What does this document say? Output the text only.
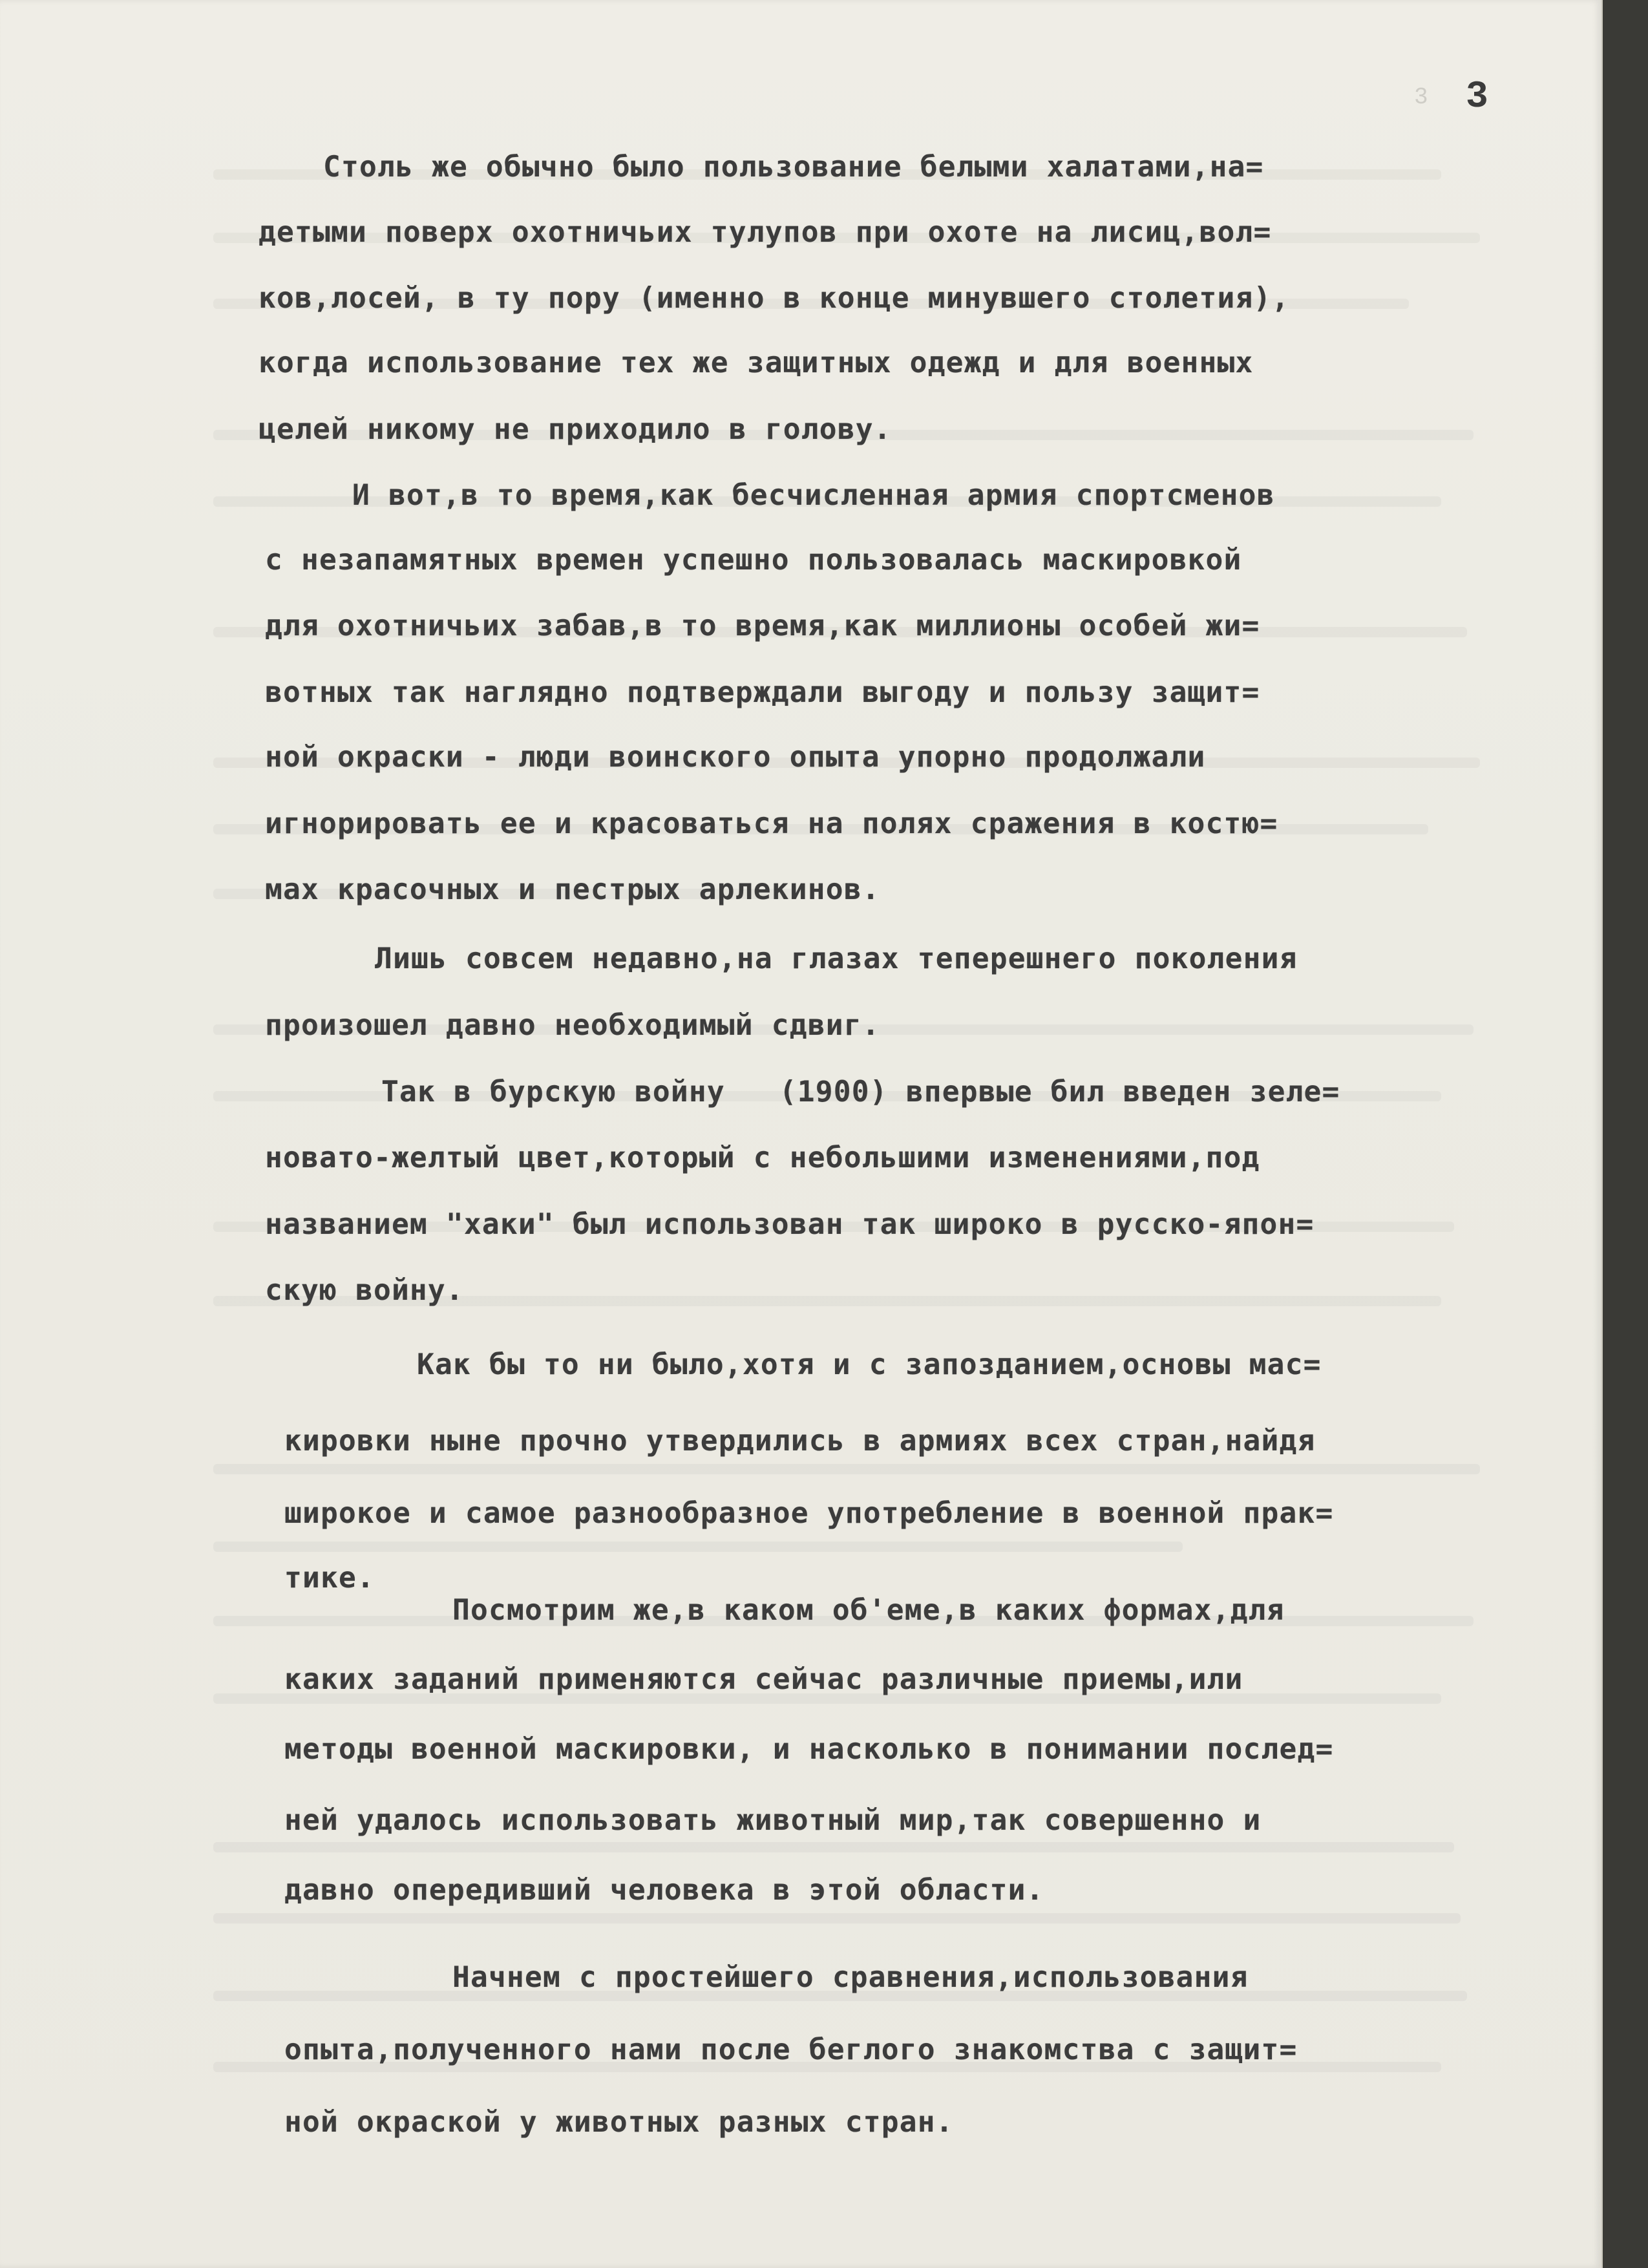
3 3
Столь же обычно было пользование белыми халатами,на=
детыми поверх охотничьих тулупов при охоте на лисиц,вол=
ков,лосей, в ту пору (именно в конце минувшего столетия),
когда использование тех же защитных одежд и для военных
целей никому не приходило в голову.
И вот,в то время,как бесчисленная армия спортсменов
с незапамятных времен успешно пользовалась маскировкой
для охотничьих забав,в то время,как миллионы особей жи=
вотных так наглядно подтверждали выгоду и пользу защит=
ной окраски - люди воинского опыта упорно продолжали
игнорировать ее и красоваться на полях сражения в костю=
мах красочных и пестрых арлекинов.
Лишь совсем недавно,на глазах теперешнего поколения
произошел давно необходимый сдвиг.
Так в бурскую войну   (1900) впервые бил введен зеле=
новато-желтый цвет,который с небольшими изменениями,под
названием "хаки" был использован так широко в русско-япон=
скую войну.
Как бы то ни было,хотя и с запозданием,основы мас=
кировки ныне прочно утвердились в армиях всех стран,найдя
широкое и самое разнообразное употребление в военной прак=
тике.
Посмотрим же,в каком об'еме,в каких формах,для
каких заданий применяются сейчас различные приемы,или
методы военной маскировки, и насколько в понимании послед=
ней удалось использовать животный мир,так совершенно и
давно опередивший человека в этой области.
Начнем с простейшего сравнения,использования
опыта,полученного нами после беглого знакомства с защит=
ной окраской у животных разных стран.
